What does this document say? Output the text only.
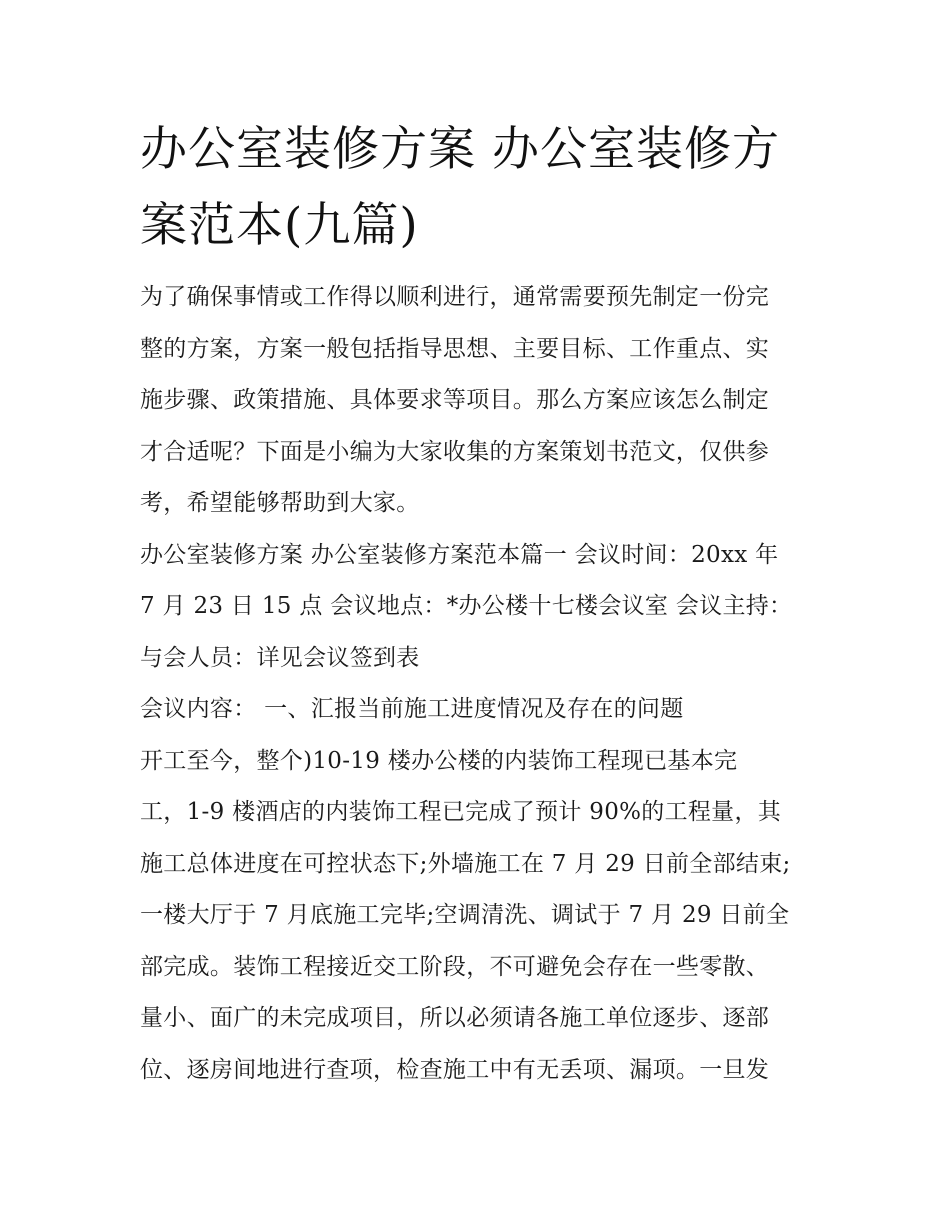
办公室装修方案 办公室装修方
案范本(九篇)
为了确保事情或工作得以顺利进行，通常需要预先制定一份完
整的方案，方案一般包括指导思想、主要目标、工作重点、实
施步骤、政策措施、具体要求等项目。那么方案应该怎么制定
才合适呢？下面是小编为大家收集的方案策划书范文，仅供参
考，希望能够帮助到大家。
办公室装修方案 办公室装修方案范本篇一 会议时间：20xx 年
7 月 23 日 15 点 会议地点：*办公楼十七楼会议室 会议主持：
与会人员：详见会议签到表
会议内容： 一、汇报当前施工进度情况及存在的问题
开工至今，整个)10-19 楼办公楼的内装饰工程现已基本完
工，1-9 楼酒店的内装饰工程已完成了预计 90%的工程量，其
施工总体进度在可控状态下;外墙施工在 7 月 29 日前全部结束;
一楼大厅于 7 月底施工完毕;空调清洗、调试于 7 月 29 日前全
部完成。装饰工程接近交工阶段，不可避免会存在一些零散、
量小、面广的未完成项目，所以必须请各施工单位逐步、逐部
位、逐房间地进行查项，检查施工中有无丢项、漏项。一旦发
